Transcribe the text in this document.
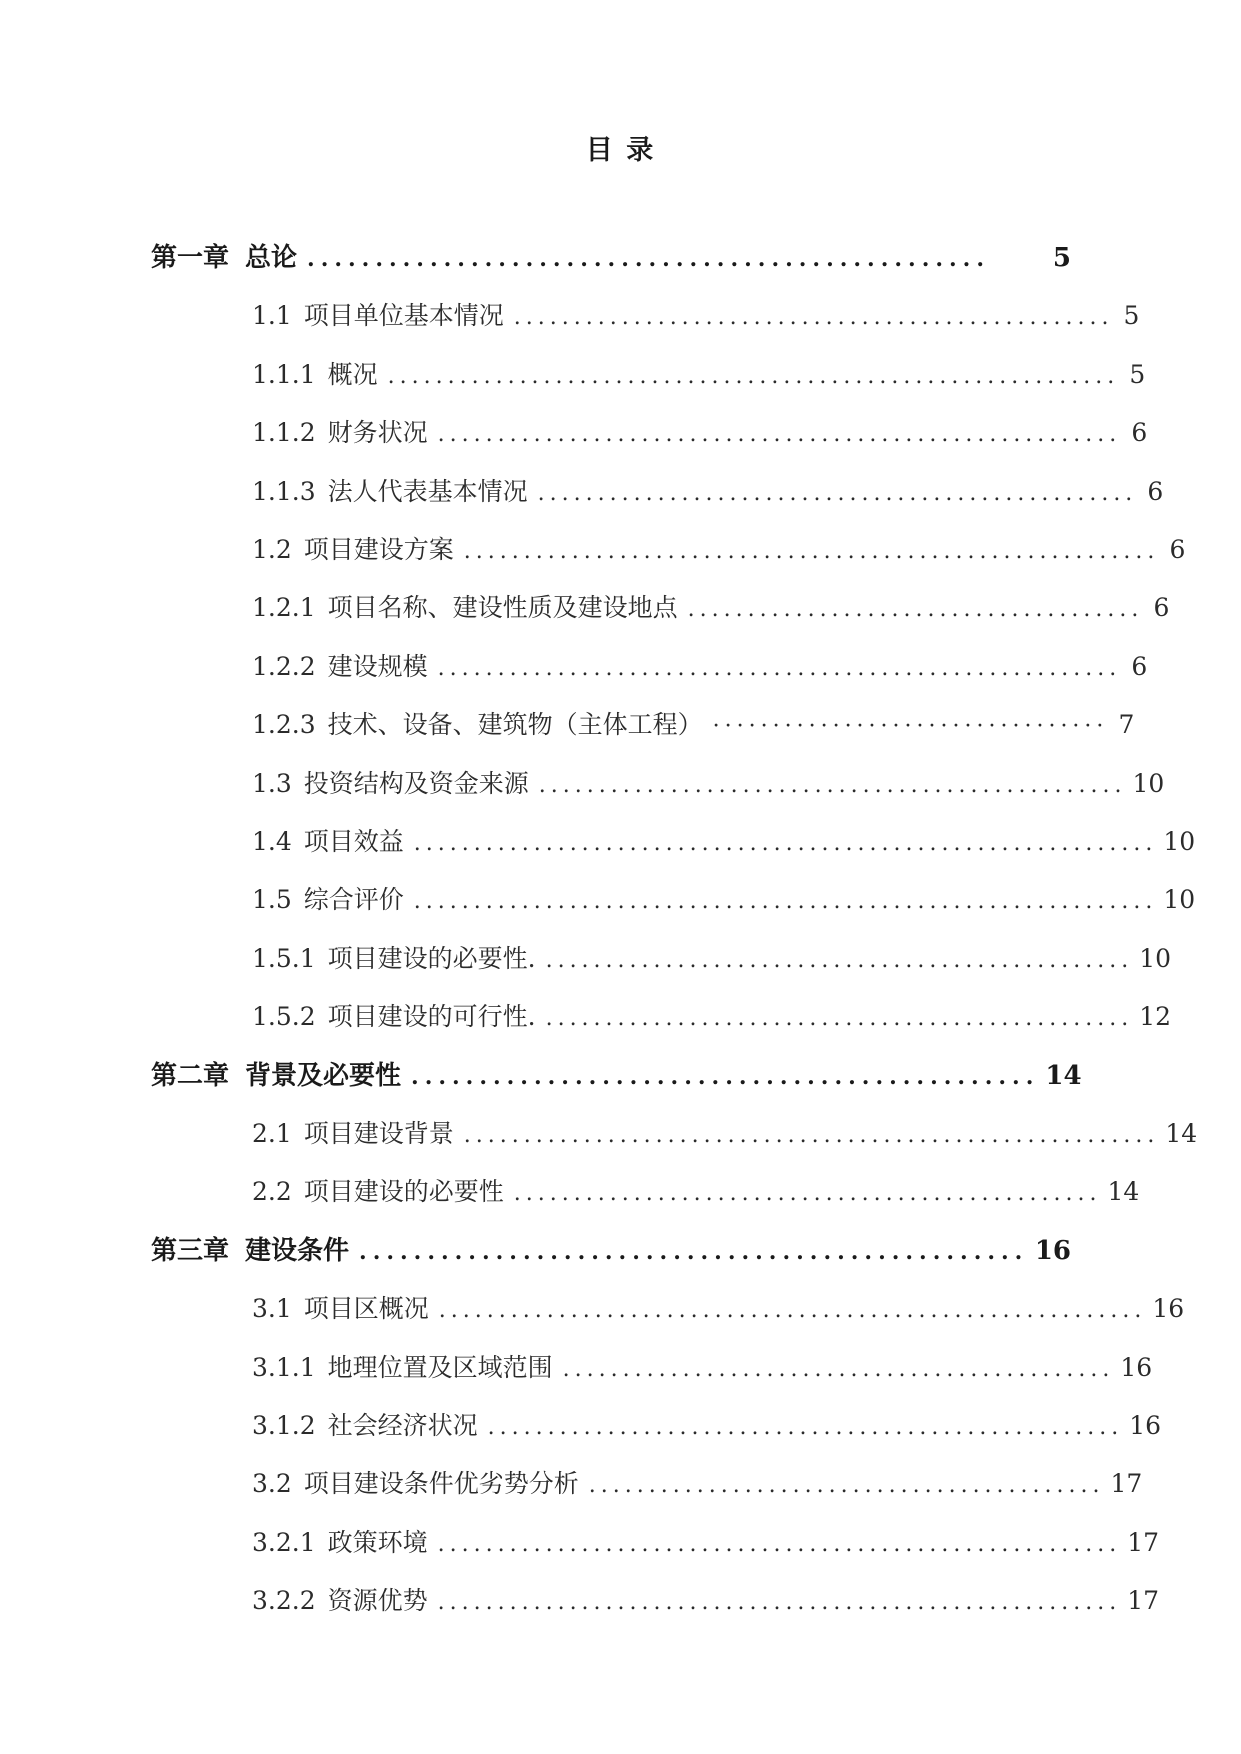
目 录
第一章 总论 ..................................................	5
1.1 项目单位基本情况 .................................................. 5
1.1.1 概况 ............................................................. 5
1.1.2 财务状况 ......................................................... 6
1.1.3 法人代表基本情况 .................................................. 6
1.2 项目建设方案 .......................................................... 6
1.2.1 项目名称、建设性质及建设地点 ...................................... 6
1.2.2 建设规模 ......................................................... 6
1.2.3 技术、设备、建筑物（主体工程） ································· 7
1.3 投资结构及资金来源 ................................................. 10
1.4 项目效益 .............................................................. 10
1.5 综合评价 .............................................................. 10
1.5.1 项目建设的必要性. ................................................. 10
1.5.2 项目建设的可行性. ................................................. 12
第二章 背景及必要性 .............................................. 14
2.1 项目建设背景 .......................................................... 14
2.2 项目建设的必要性 ................................................. 14
第三章 建设条件 ................................................. 16
3.1 项目区概况 ........................................................... 16
3.1.1 地理位置及区域范围 .............................................. 16
3.1.2 社会经济状况 ..................................................... 16
3.2 项目建设条件优劣势分析 ........................................... 17
3.2.1 政策环境 ......................................................... 17
3.2.2 资源优势 ......................................................... 17
